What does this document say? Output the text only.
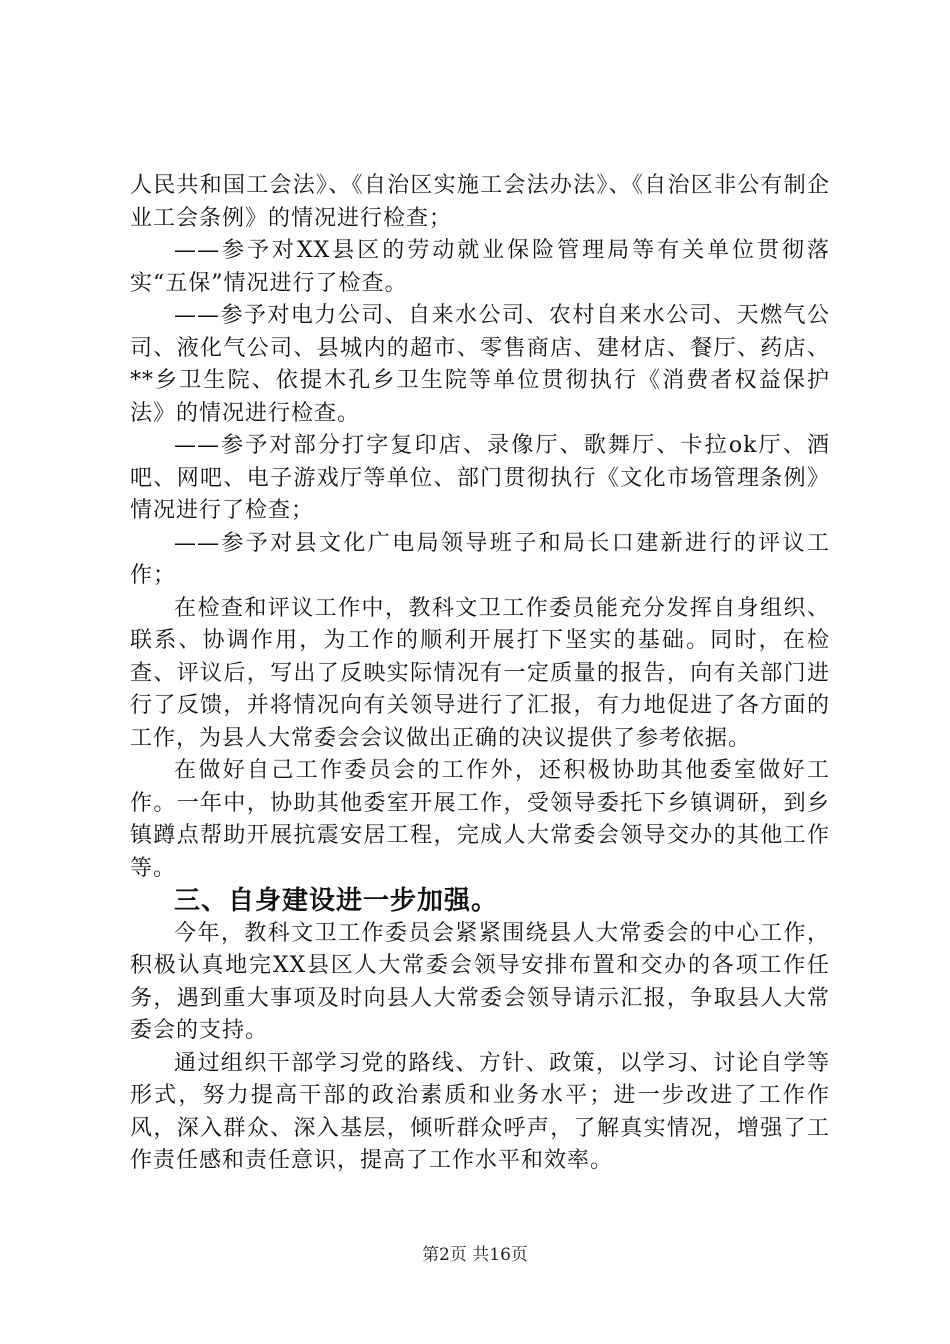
人民共和国工会法》、《自治区实施工会法办法》、《自治区非公有制企业工会条例》的情况进行检查；

——参予对XX县区的劳动就业保险管理局等有关单位贯彻落实“五保”情况进行了检查。

——参予对电力公司、自来水公司、农村自来水公司、天燃气公司、液化气公司、县城内的超市、零售商店、建材店、餐厅、药店、**乡卫生院、依提木孔乡卫生院等单位贯彻执行《消费者权益保护法》的情况进行检查。

——参予对部分打字复印店、录像厅、歌舞厅、卡拉ok厅、酒吧、网吧、电子游戏厅等单位、部门贯彻执行《文化市场管理条例》情况进行了检查；

——参予对县文化广电局领导班子和局长口建新进行的评议工作；

在检查和评议工作中，教科文卫工作委员能充分发挥自身组织、联系、协调作用，为工作的顺利开展打下坚实的基础。同时，在检查、评议后，写出了反映实际情况有一定质量的报告，向有关部门进行了反馈，并将情况向有关领导进行了汇报，有力地促进了各方面的工作，为县人大常委会会议做出正确的决议提供了参考依据。

在做好自己工作委员会的工作外，还积极协助其他委室做好工作。一年中，协助其他委室开展工作，受领导委托下乡镇调研，到乡镇蹲点帮助开展抗震安居工程，完成人大常委会领导交办的其他工作等。

三、自身建设进一步加强。

今年，教科文卫工作委员会紧紧围绕县人大常委会的中心工作，积极认真地完XX县区人大常委会领导安排布置和交办的各项工作任务，遇到重大事项及时向县人大常委会领导请示汇报，争取县人大常委会的支持。

通过组织干部学习党的路线、方针、政策，以学习、讨论自学等形式，努力提高干部的政治素质和业务水平；进一步改进了工作作风，深入群众、深入基层，倾听群众呼声，了解真实情况，增强了工作责任感和责任意识，提高了工作水平和效率。

第2页 共16页
